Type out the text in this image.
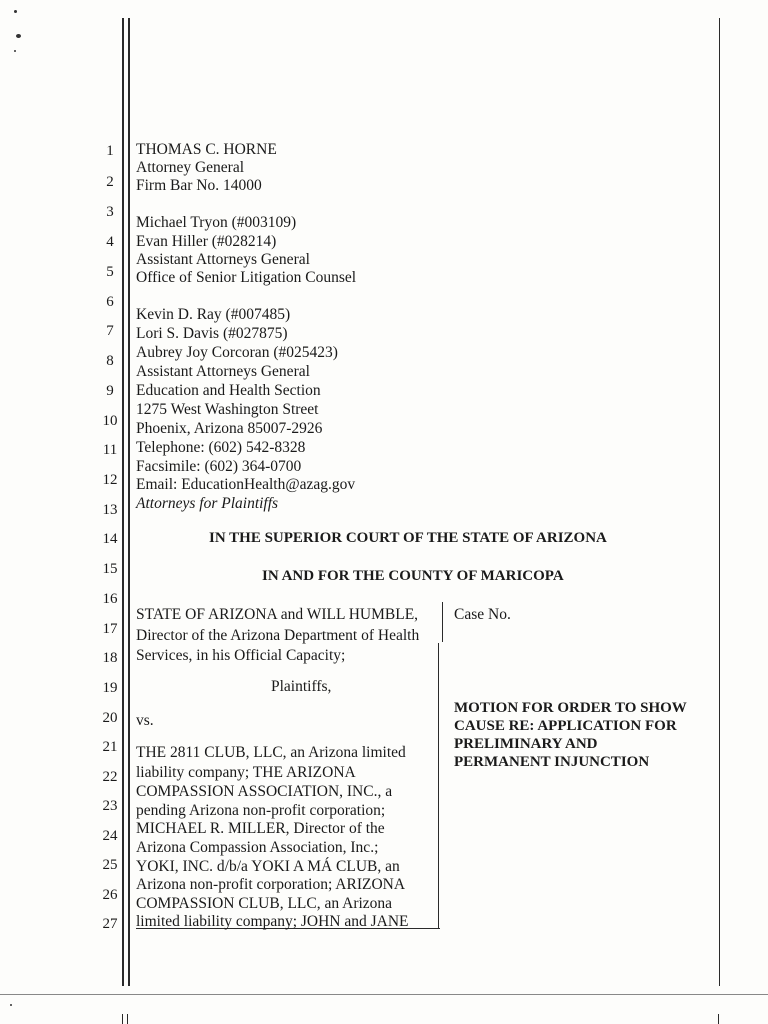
1
2
3
4
5
6
7
8
9
10
11
12
13
14
15
16
17
18
19
20
21
22
23
24
25
26
27
THOMAS C. HORNE
Attorney General
Firm Bar No. 14000
Michael Tryon (#003109)
Evan Hiller (#028214)
Assistant Attorneys General
Office of Senior Litigation Counsel
Kevin D. Ray (#007485)
Lori S. Davis (#027875)
Aubrey Joy Corcoran (#025423)
Assistant Attorneys General
Education and Health Section
1275 West Washington Street
Phoenix, Arizona 85007-2926
Telephone: (602) 542-8328
Facsimile: (602) 364-0700
Email: EducationHealth@azag.gov
Attorneys for Plaintiffs
IN THE SUPERIOR COURT OF THE STATE OF ARIZONA
IN AND FOR THE COUNTY OF MARICOPA
STATE OF ARIZONA and WILL HUMBLE,
Director of the Arizona Department of Health
Services, in his Official Capacity;
Plaintiffs,
vs.
THE 2811 CLUB, LLC, an Arizona limited
liability company; THE ARIZONA
COMPASSION ASSOCIATION, INC., a
pending Arizona non-profit corporation;
MICHAEL R. MILLER, Director of the
Arizona Compassion Association, Inc.;
YOKI, INC. d/b/a YOKI A MÁ CLUB, an
Arizona non-profit corporation; ARIZONA
COMPASSION CLUB, LLC, an Arizona
limited liability company; JOHN and JANE
Case No.
MOTION FOR ORDER TO SHOW
CAUSE RE: APPLICATION FOR
PRELIMINARY AND
PERMANENT INJUNCTION
